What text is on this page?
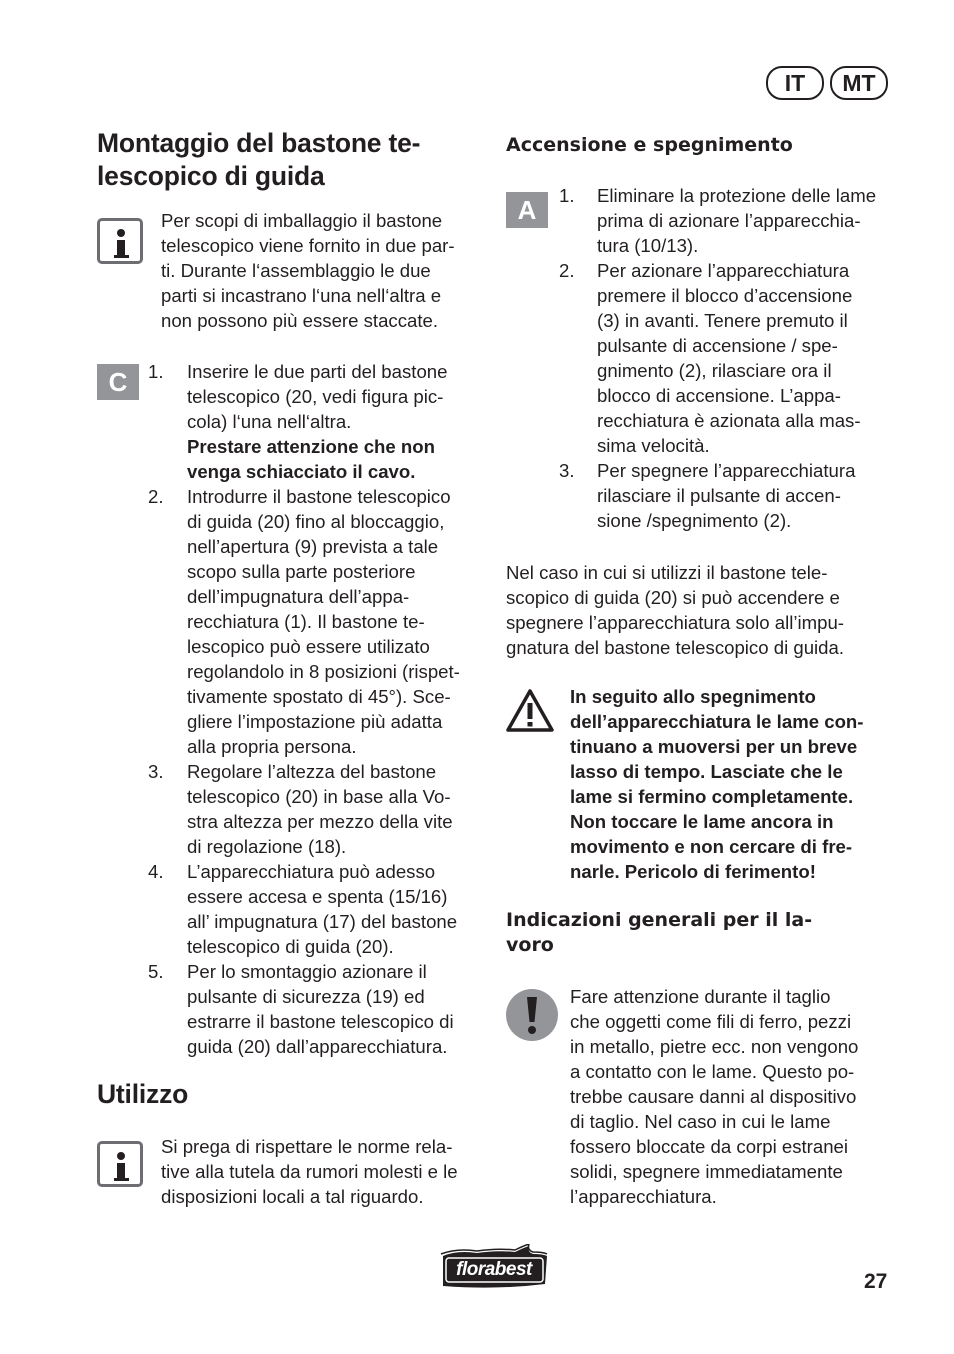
IT	MT
Montaggio del bastone te-
lescopico di guida
Per scopi di imballaggio il bastone
telescopico viene fornito in due par-
ti. Durante l‘assemblaggio le due
parti si incastrano l‘una nell‘altra e
non possono più essere staccate.
C	1. Inserire le due parti del bastone
telescopico (20, vedi figura pic-
cola) l‘una nell‘altra.
Prestare attenzione che non
venga schiacciato il cavo.
2. Introdurre il bastone telescopico
di guida (20) fino al bloccaggio,
nell’apertura (9) prevista a tale
scopo sulla parte posteriore
dell’impugnatura dell’appa-
recchiatura (1). Il bastone te-
lescopico può essere utilizato
regolandolo in 8 posizioni (rispet-
tivamente spostato di 45°). Sce-
gliere l’impostazione più adatta
alla propria persona.
3. Regolare l’altezza del bastone
telescopico (20) in base alla Vo-
stra altezza per mezzo della vite
di regolazione (18).
4. L’apparecchiatura può adesso
essere accesa e spenta (15/16)
all’ impugnatura (17) del bastone
telescopico di guida (20).
5. Per lo smontaggio azionare il
pulsante di sicurezza (19) ed
estrarre il bastone telescopico di
guida (20) dall’apparecchiatura.
Utilizzo
Si prega di rispettare le norme rela-
tive alla tutela da rumori molesti e le
disposizioni locali a tal riguardo.
Accensione e spegnimento
A	1. Eliminare la protezione delle lame
prima di azionare l’apparecchia-
tura (10/13).
2. Per azionare l’apparecchiatura
premere il blocco d’accensione
(3) in avanti. Tenere premuto il
pulsante di accensione / spe-
gnimento (2), rilasciare ora il
blocco di accensione. L’appa-
recchiatura è azionata alla mas-
sima velocità.
3. Per spegnere l’apparecchiatura
rilasciare il pulsante di accen-
sione /spegnimento (2).
Nel caso in cui si utilizzi il bastone tele-
scopico di guida (20) si può accendere e
spegnere l’apparecchiatura solo all’impu-
gnatura del bastone telescopico di guida.
In seguito allo spegnimento
dell’apparecchiatura le lame con-
tinuano a muoversi per un breve
lasso di tempo. Lasciate che le
lame si fermino completamente.
Non toccare le lame ancora in
movimento e non cercare di fre-
narle. Pericolo di ferimento!
Indicazioni generali per il la-
voro
Fare attenzione durante il taglio
che oggetti come fili di ferro, pezzi
in metallo, pietre ecc. non vengono
a contatto con le lame. Questo po-
trebbe causare danni al dispositivo
di taglio. Nel caso in cui le lame
fossero bloccate da corpi estranei
solidi, spegnere immediatamente
l’apparecchiatura.
florabest
27
